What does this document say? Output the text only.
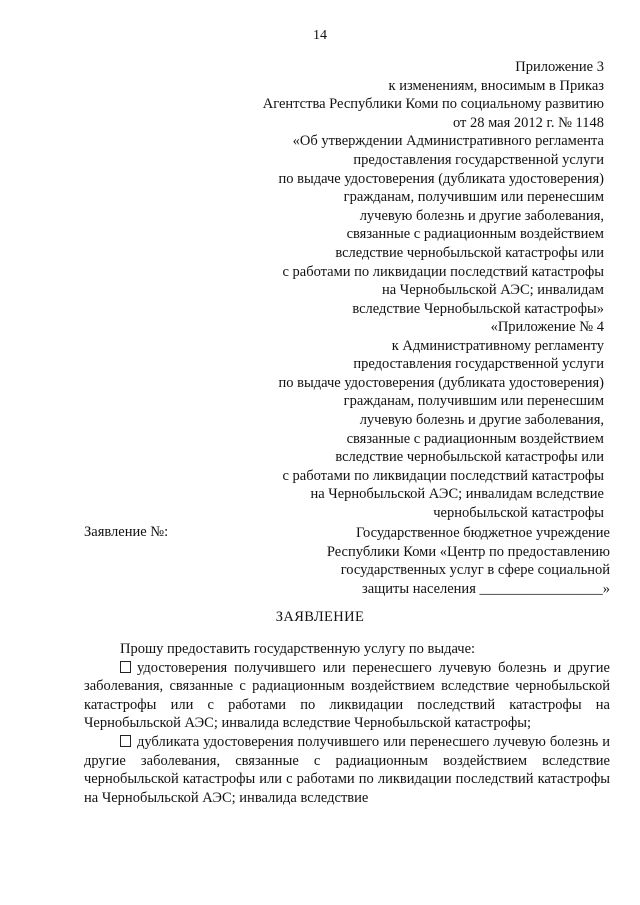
14
Приложение 3
к изменениям, вносимым в Приказ
Агентства Республики Коми по социальному развитию
от 28 мая 2012 г. № 1148
«Об утверждении Административного регламента
предоставления государственной услуги
по выдаче удостоверения (дубликата удостоверения)
гражданам, получившим или перенесшим
лучевую болезнь и другие заболевания,
связанные с радиационным воздействием
вследствие чернобыльской катастрофы или
с работами по ликвидации последствий катастрофы
на Чернобыльской АЭС; инвалидам
вследствие Чернобыльской катастрофы»
«Приложение № 4
к Административному регламенту
предоставления государственной услуги
по выдаче удостоверения (дубликата удостоверения)
гражданам, получившим или перенесшим
лучевую болезнь и другие заболевания,
связанные с радиационным воздействием
вследствие чернобыльской катастрофы или
с работами по ликвидации последствий катастрофы
на Чернобыльской АЭС; инвалидам вследствие
чернобыльской катастрофы
Заявление №:	Государственное бюджетное учреждение
Республики Коми «Центр по предоставлению
государственных услуг в сфере социальной
защиты населения _________________»
ЗАЯВЛЕНИЕ

Прошу предоставить государственную услугу по выдаче:

удостоверения получившего или перенесшего лучевую болезнь и другие заболевания, связанные с радиационным воздействием вследствие чернобыльской катастрофы или с работами по ликвидации последствий катастрофы на Чернобыльской АЭС; инвалида вследствие Чернобыльской катастрофы;

дубликата удостоверения получившего или перенесшего лучевую болезнь и другие заболевания, связанные с радиационным воздействием вследствие чернобыльской катастрофы или с работами по ликвидации последствий катастрофы на Чернобыльской АЭС; инвалида вследствие
